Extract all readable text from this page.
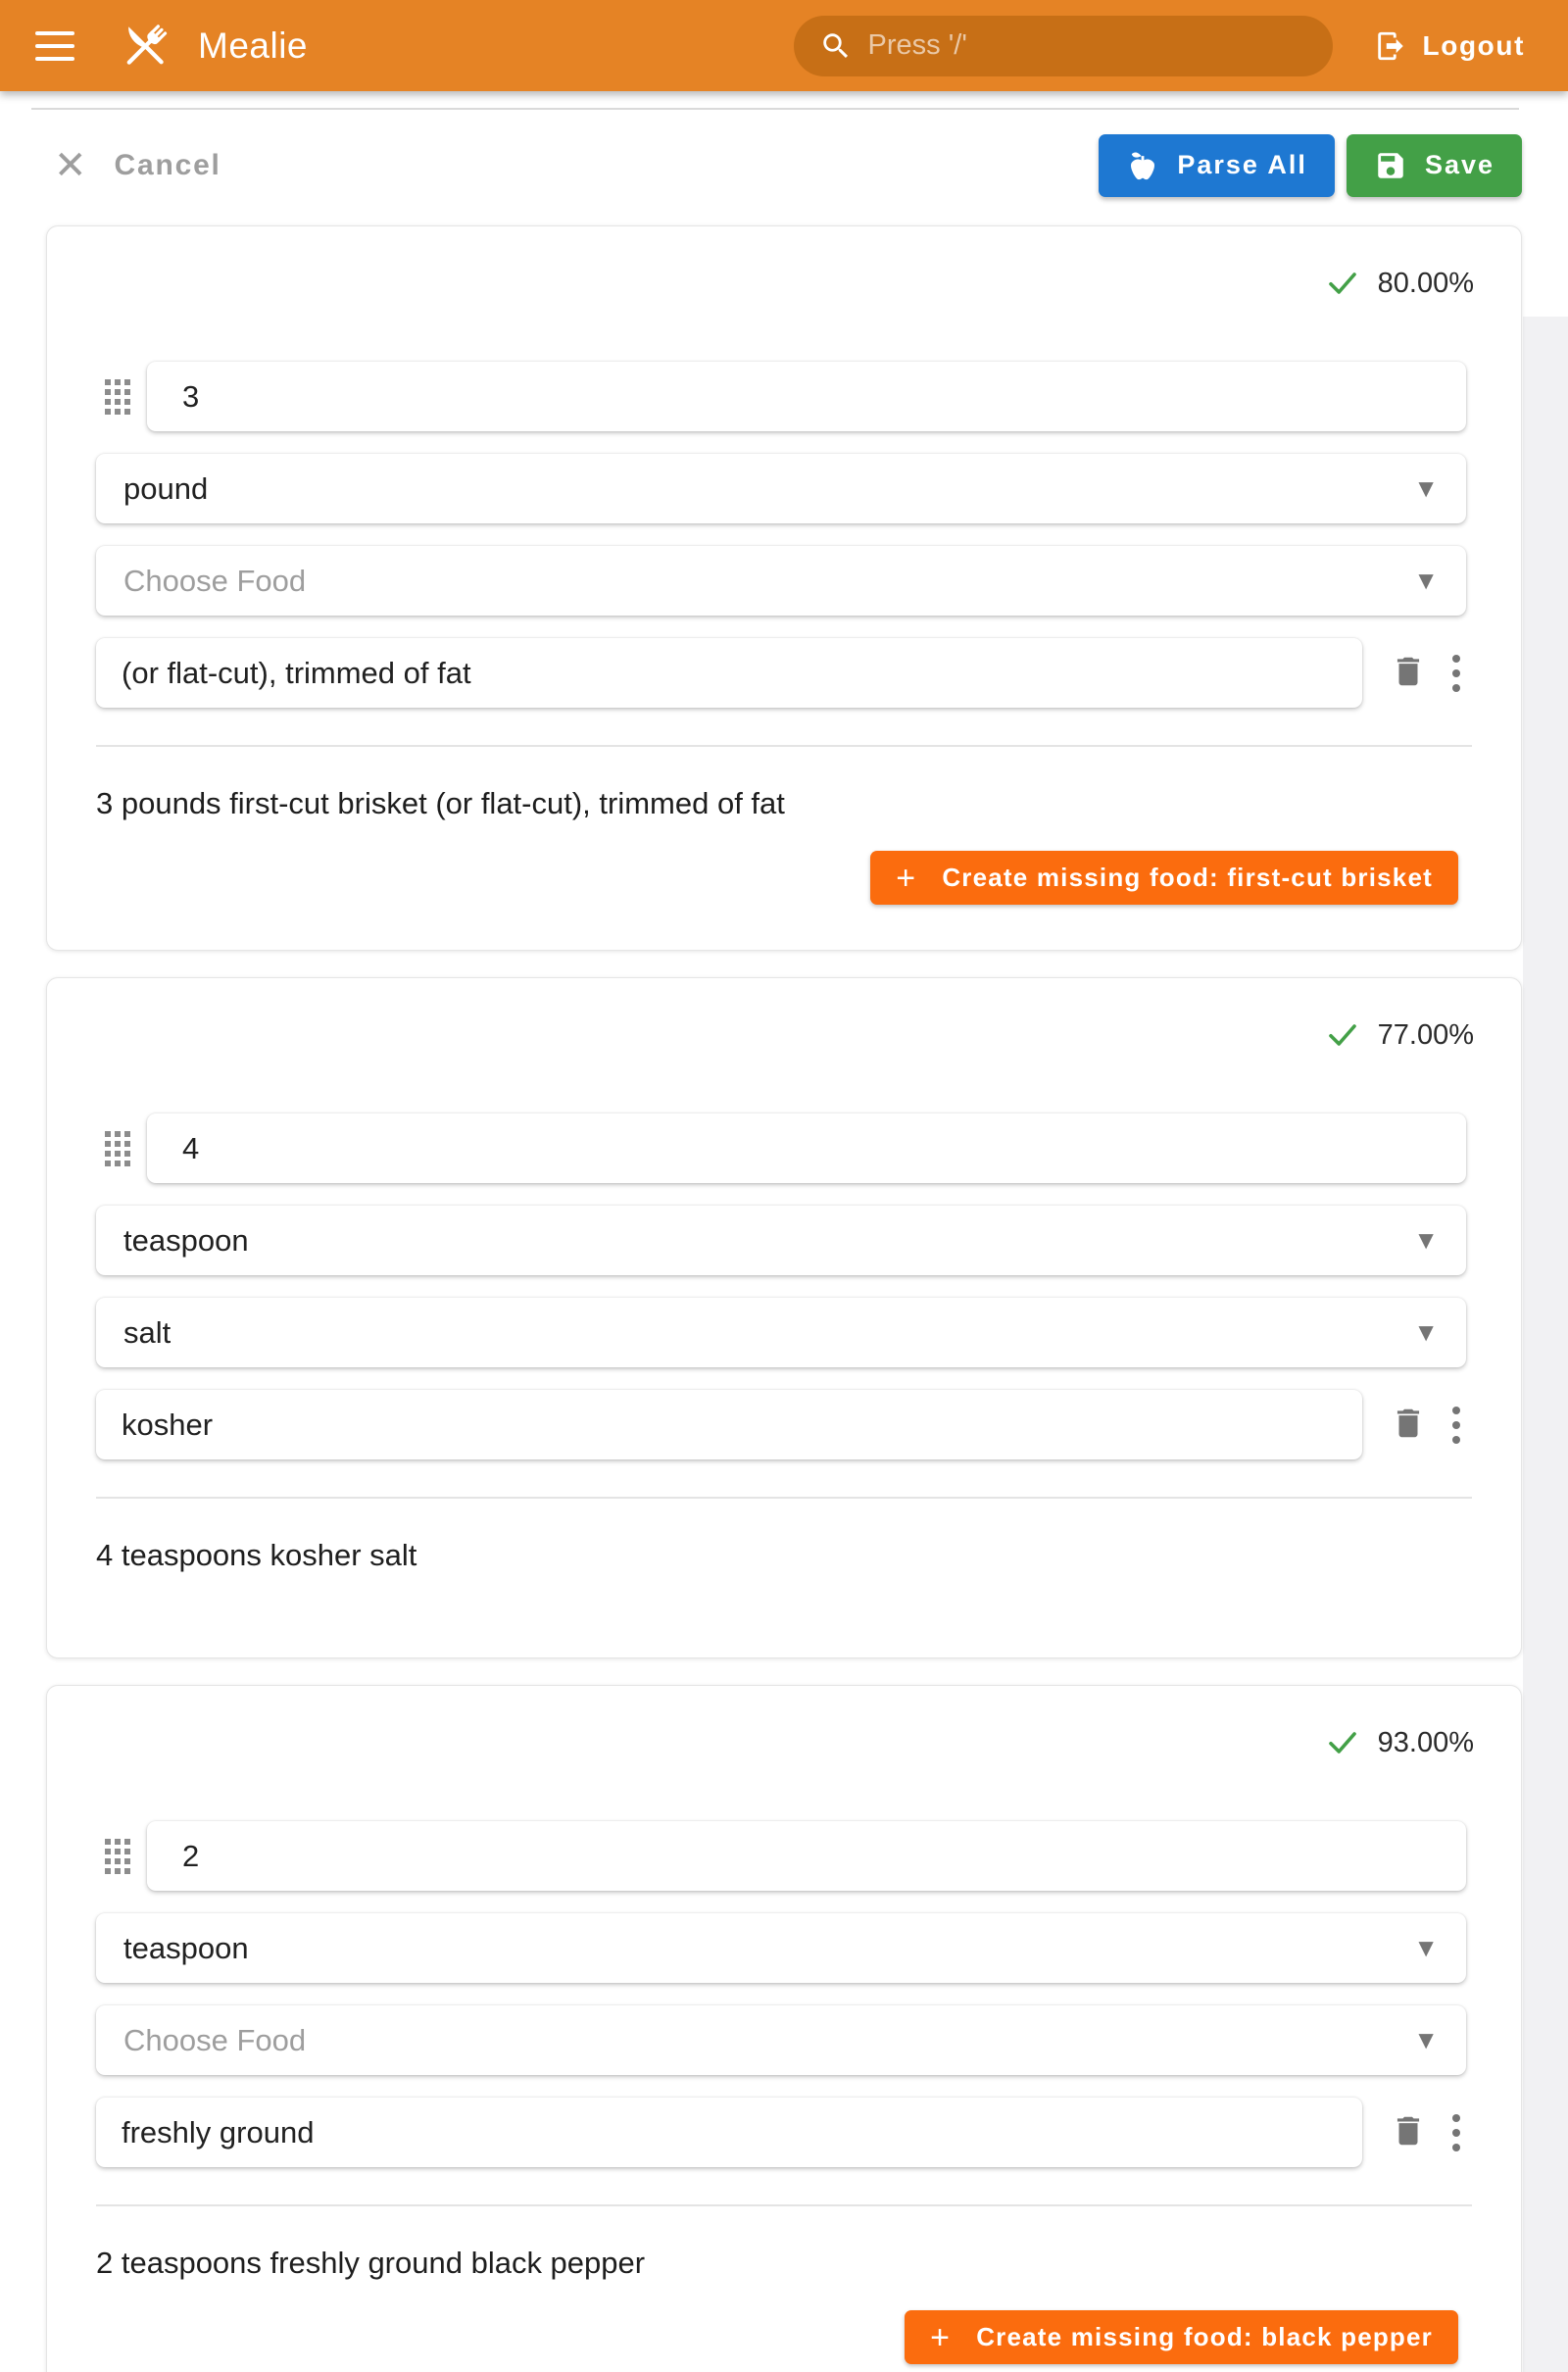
Mealie
Press '/'	Logout
✕ Cancel	Parse All	Save
80.00%
3
pound	▼
Choose Food	▼
(or flat-cut), trimmed of fat

3 pounds first-cut brisket (or flat-cut), trimmed of fat

+ Create missing food: first-cut brisket
77.00%
4
teaspoon	▼
salt	▼
kosher

4 teaspoons kosher salt

93.00%
2
teaspoon	▼
Choose Food	▼
freshly ground

2 teaspoons freshly ground black pepper

+ Create missing food: black pepper
